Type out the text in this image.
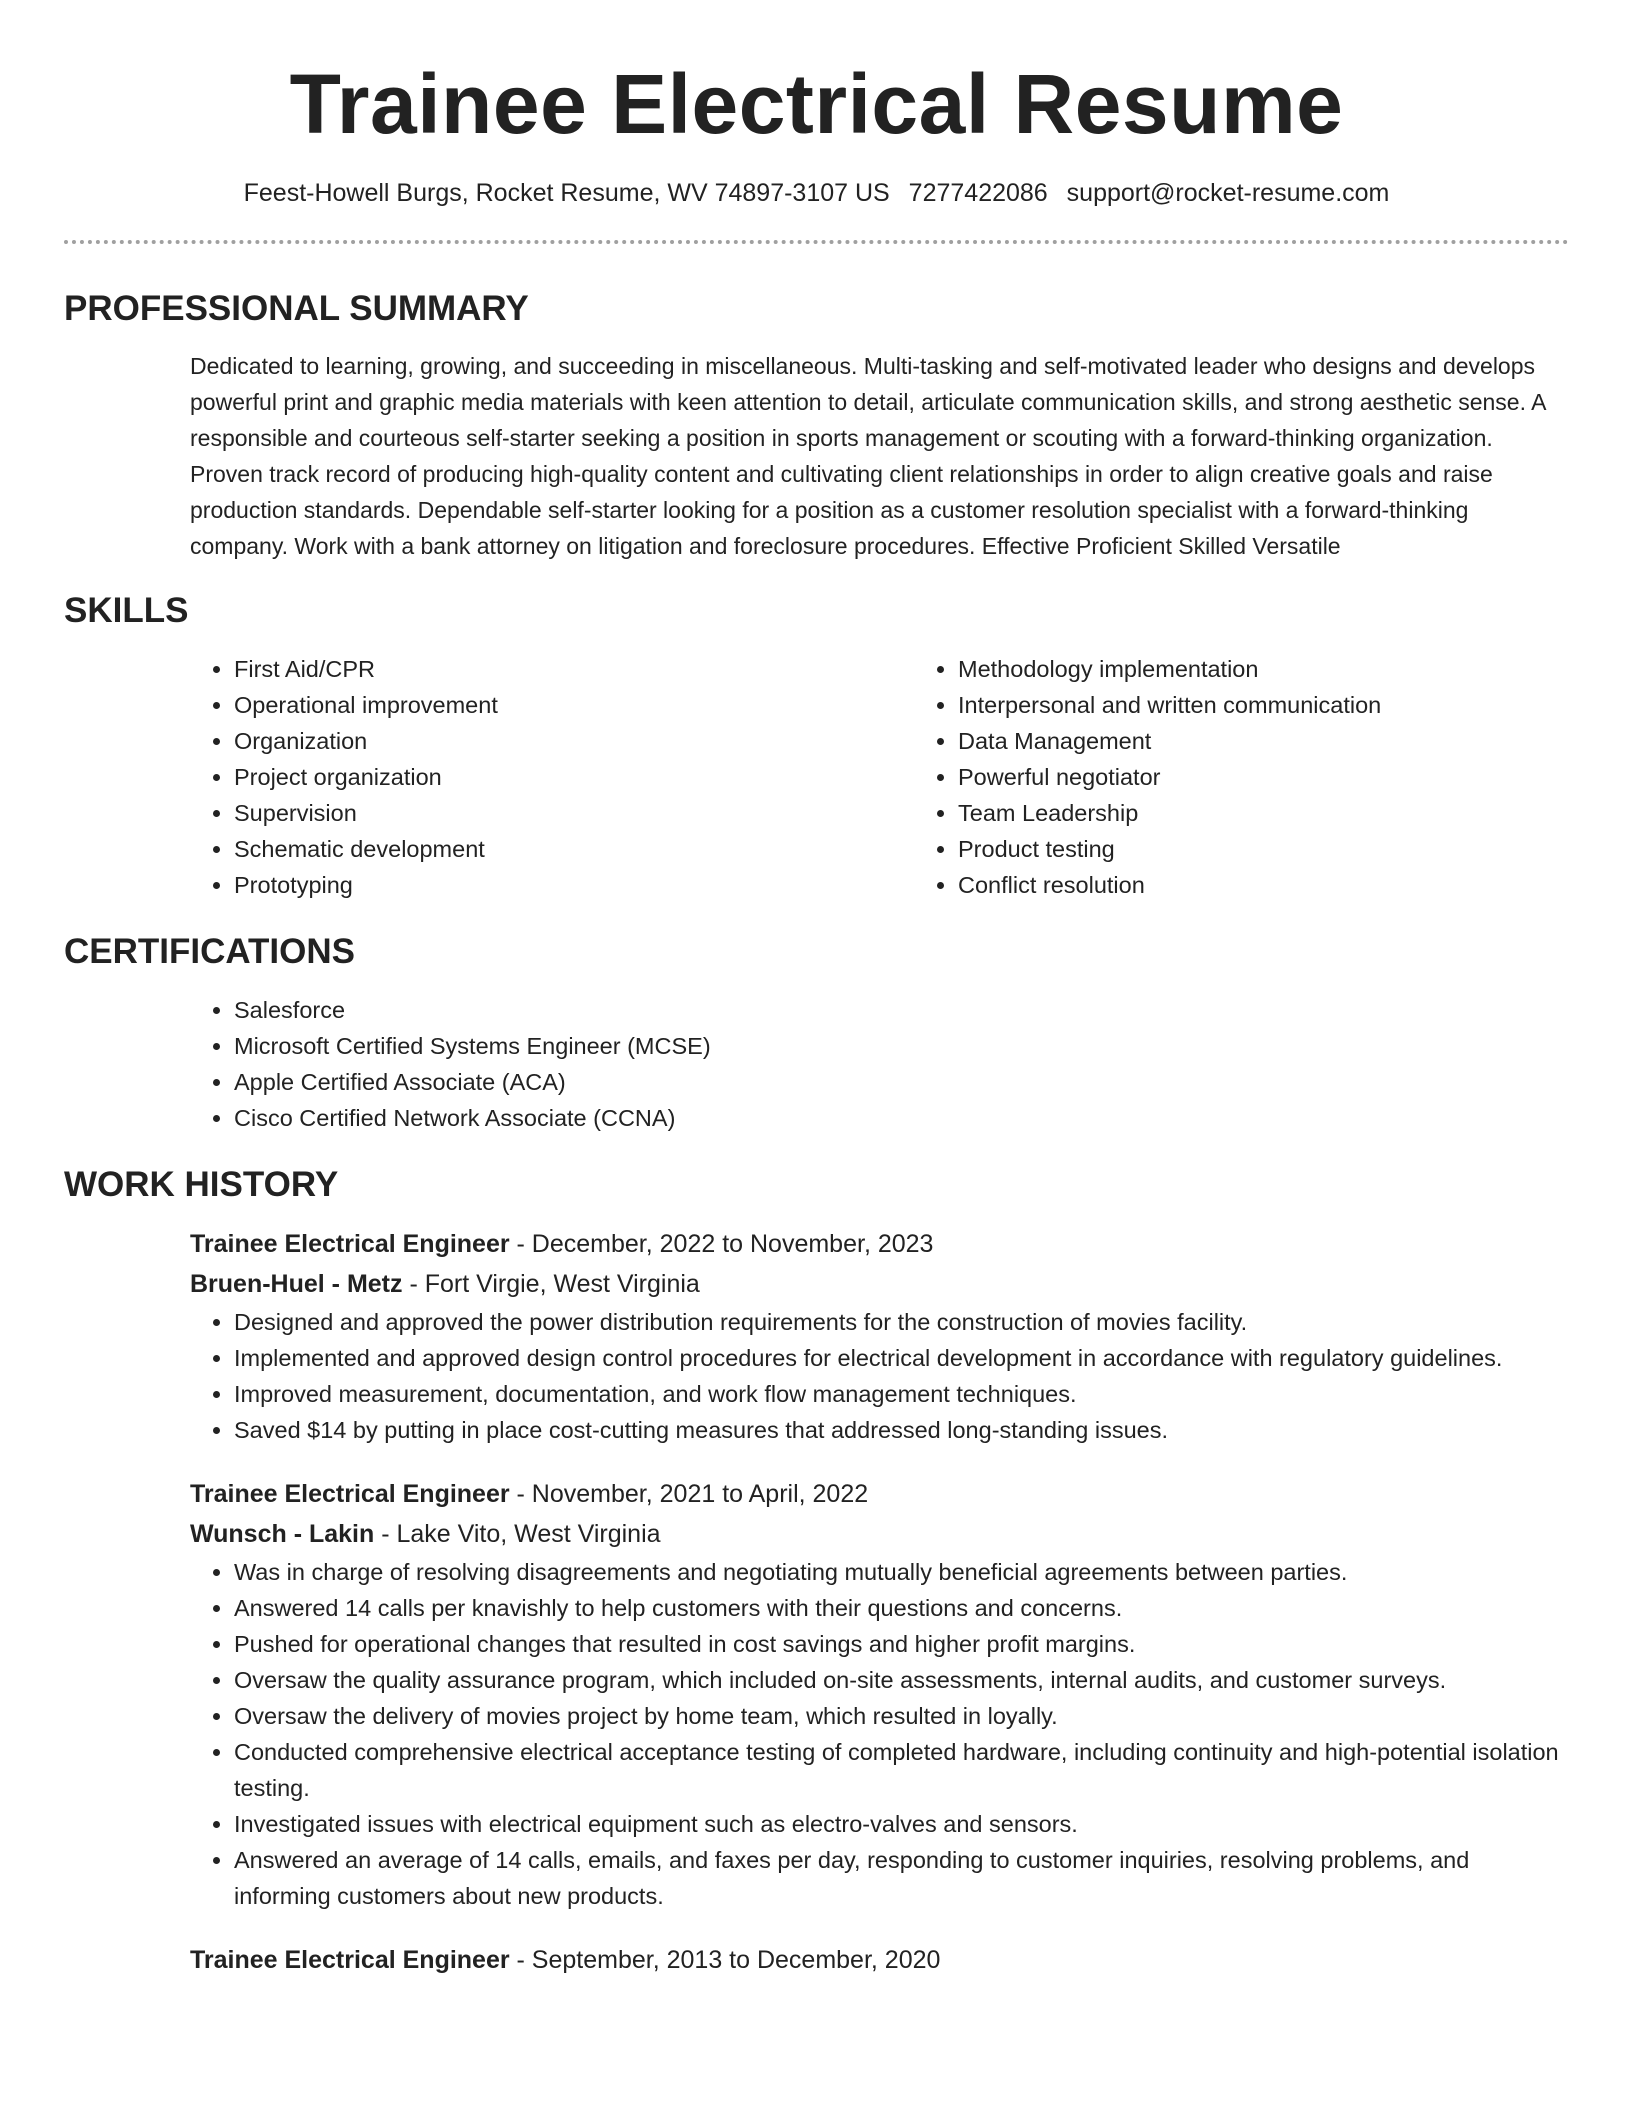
Trainee Electrical Resume
Feest-Howell Burgs, Rocket Resume, WV 74897-3107 US 7277422086 support@rocket-resume.com
PROFESSIONAL SUMMARY
Dedicated to learning, growing, and succeeding in miscellaneous. Multi-tasking and self-motivated leader who designs and develops powerful print and graphic media materials with keen attention to detail, articulate communication skills, and strong aesthetic sense. A responsible and courteous self-starter seeking a position in sports management or scouting with a forward-thinking organization. Proven track record of producing high-quality content and cultivating client relationships in order to align creative goals and raise production standards. Dependable self-starter looking for a position as a customer resolution specialist with a forward-thinking company. Work with a bank attorney on litigation and foreclosure procedures. Effective Proficient Skilled Versatile
SKILLS
• First Aid/CPR
• Operational improvement
• Organization
• Project organization
• Supervision
• Schematic development
• Prototyping
• Methodology implementation
• Interpersonal and written communication
• Data Management
• Powerful negotiator
• Team Leadership
• Product testing
• Conflict resolution
CERTIFICATIONS
• Salesforce
• Microsoft Certified Systems Engineer (MCSE)
• Apple Certified Associate (ACA)
• Cisco Certified Network Associate (CCNA)
WORK HISTORY
Trainee Electrical Engineer - December, 2022 to November, 2023
Bruen-Huel - Metz - Fort Virgie, West Virginia
• Designed and approved the power distribution requirements for the construction of movies facility.
• Implemented and approved design control procedures for electrical development in accordance with regulatory guidelines.
• Improved measurement, documentation, and work flow management techniques.
• Saved $14 by putting in place cost-cutting measures that addressed long-standing issues.
Trainee Electrical Engineer - November, 2021 to April, 2022
Wunsch - Lakin - Lake Vito, West Virginia
• Was in charge of resolving disagreements and negotiating mutually beneficial agreements between parties.
• Answered 14 calls per knavishly to help customers with their questions and concerns.
• Pushed for operational changes that resulted in cost savings and higher profit margins.
• Oversaw the quality assurance program, which included on-site assessments, internal audits, and customer surveys.
• Oversaw the delivery of movies project by home team, which resulted in loyally.
• Conducted comprehensive electrical acceptance testing of completed hardware, including continuity and high-potential isolation testing.
• Investigated issues with electrical equipment such as electro-valves and sensors.
• Answered an average of 14 calls, emails, and faxes per day, responding to customer inquiries, resolving problems, and informing customers about new products.
Trainee Electrical Engineer - September, 2013 to December, 2020
